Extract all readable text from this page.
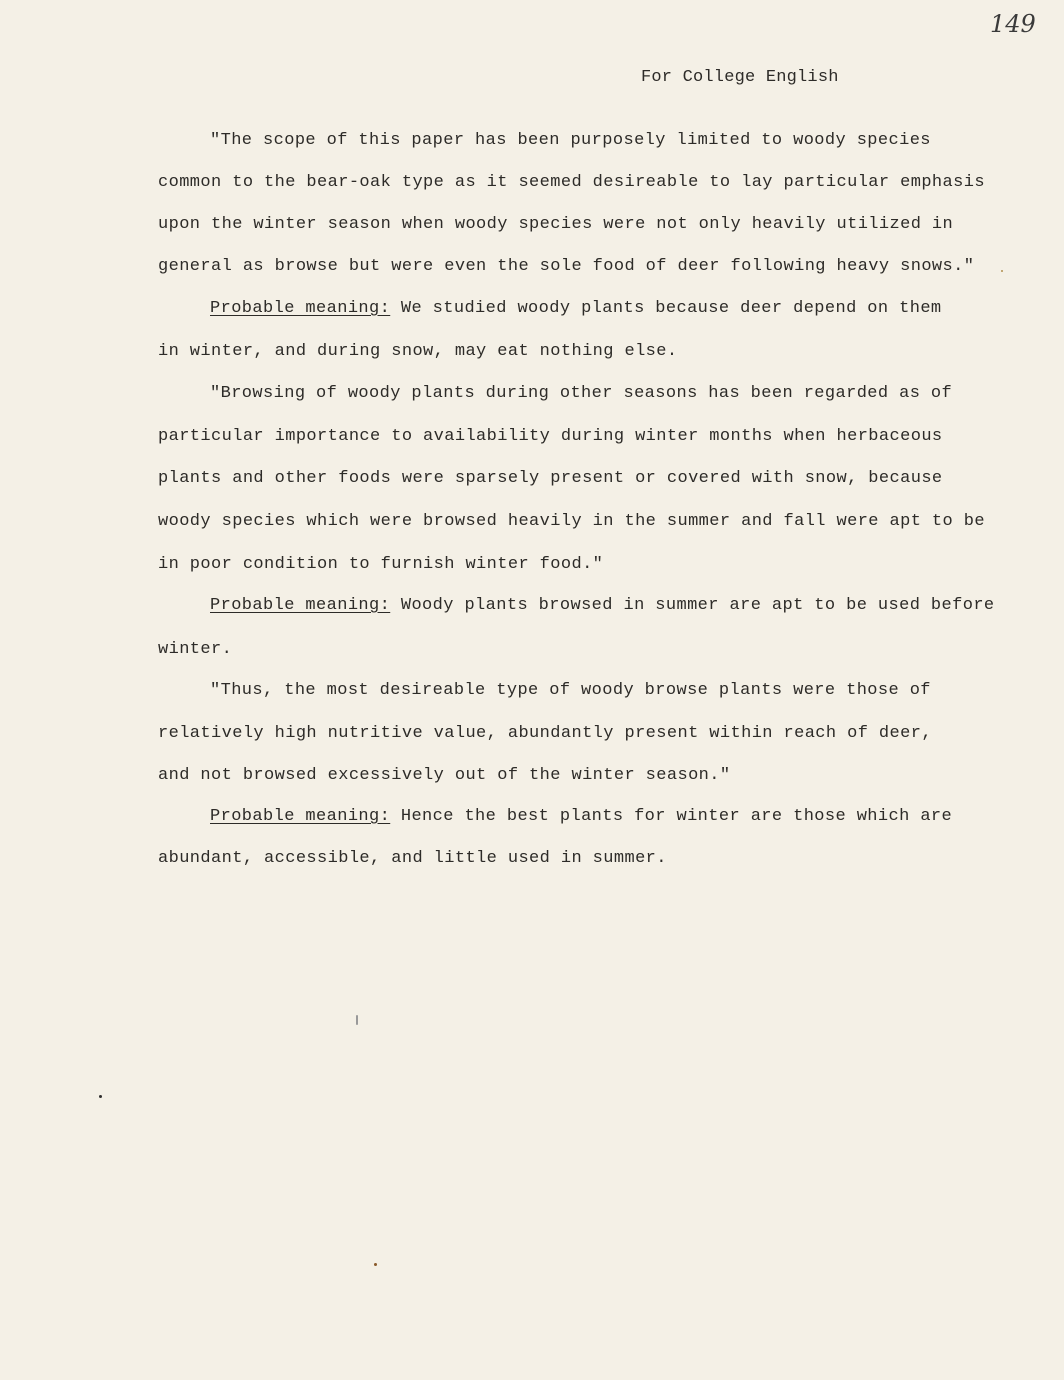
149
For College English
"The scope of this paper has been purposely limited to woody species
common to the bear-oak type as it seemed desireable to lay particular emphasis
upon the winter season when woody species were not only heavily utilized in
general as browse but were even the sole food of deer following heavy snows."
Probable meaning: We studied woody plants because deer depend on them
in winter, and during snow, may eat nothing else.
"Browsing of woody plants during other seasons has been regarded as of
particular importance to availability during winter months when herbaceous
plants and other foods were sparsely present or covered with snow, because
woody species which were browsed heavily in the summer and fall were apt to be
in poor condition to furnish winter food."
Probable meaning: Woody plants browsed in summer are apt to be used before
winter.
"Thus, the most desireable type of woody browse plants were those of
relatively high nutritive value, abundantly present within reach of deer,
and not browsed excessively out of the winter season."
Probable meaning: Hence the best plants for winter are those which are
abundant, accessible, and little used in summer.
